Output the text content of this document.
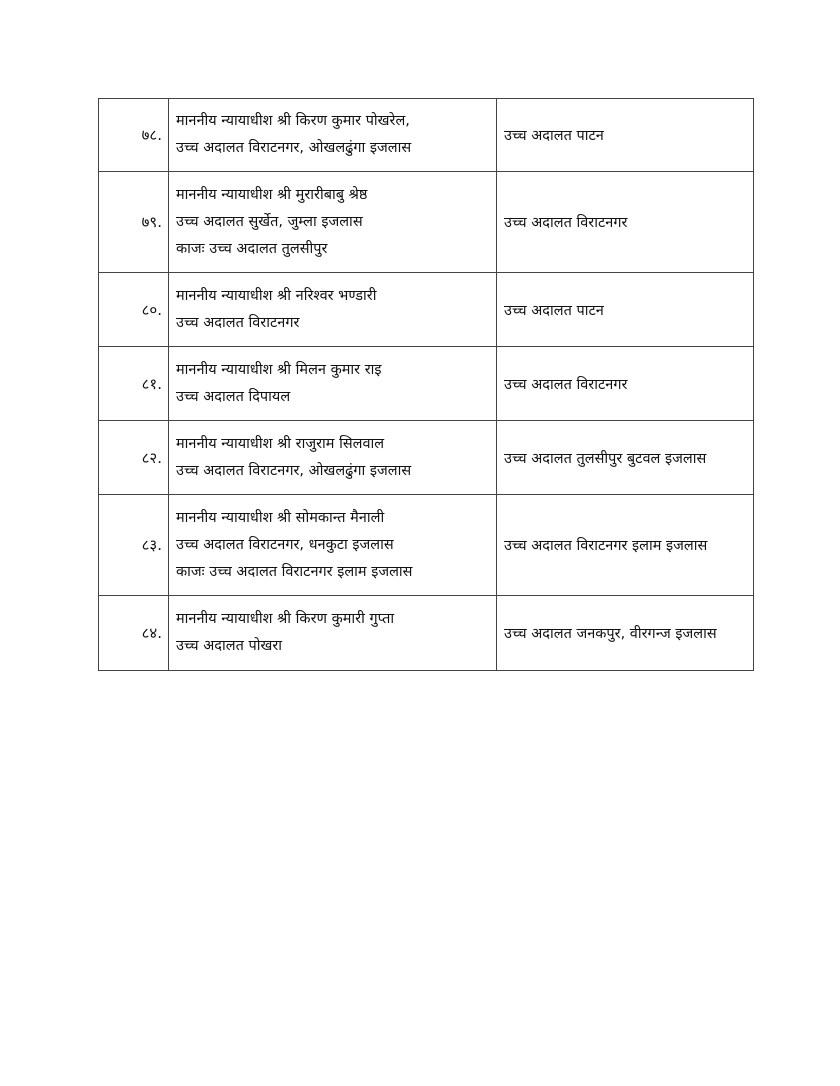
७८.	माननीय न्यायाधीश श्री किरण कुमार पोखरेल,
उच्च अदालत विराटनगर, ओखलढुंगा इजलास	उच्च अदालत पाटन
७९.	माननीय न्यायाधीश श्री मुरारीबाबु श्रेष्ठ
उच्च अदालत सुर्खेत, जुम्ला इजलास
काजः उच्च अदालत तुलसीपुर	उच्च अदालत विराटनगर
८०.	माननीय न्यायाधीश श्री नरिश्वर भण्डारी
उच्च अदालत विराटनगर	उच्च अदालत पाटन
८१.	माननीय न्यायाधीश श्री मिलन कुमार राइ
उच्च अदालत दिपायल	उच्च अदालत विराटनगर
८२.	माननीय न्यायाधीश श्री राजुराम सिलवाल
उच्च अदालत विराटनगर, ओखलढुंगा इजलास	उच्च अदालत तुलसीपुर बुटवल इजलास
८३.	माननीय न्यायाधीश श्री सोमकान्त मैनाली
उच्च अदालत विराटनगर, धनकुटा इजलास
काजः उच्च अदालत विराटनगर इलाम इजलास	उच्च अदालत विराटनगर इलाम इजलास
८४.	माननीय न्यायाधीश श्री किरण कुमारी गुप्ता
उच्च अदालत पोखरा	उच्च अदालत जनकपुर, वीरगन्ज इजलास
